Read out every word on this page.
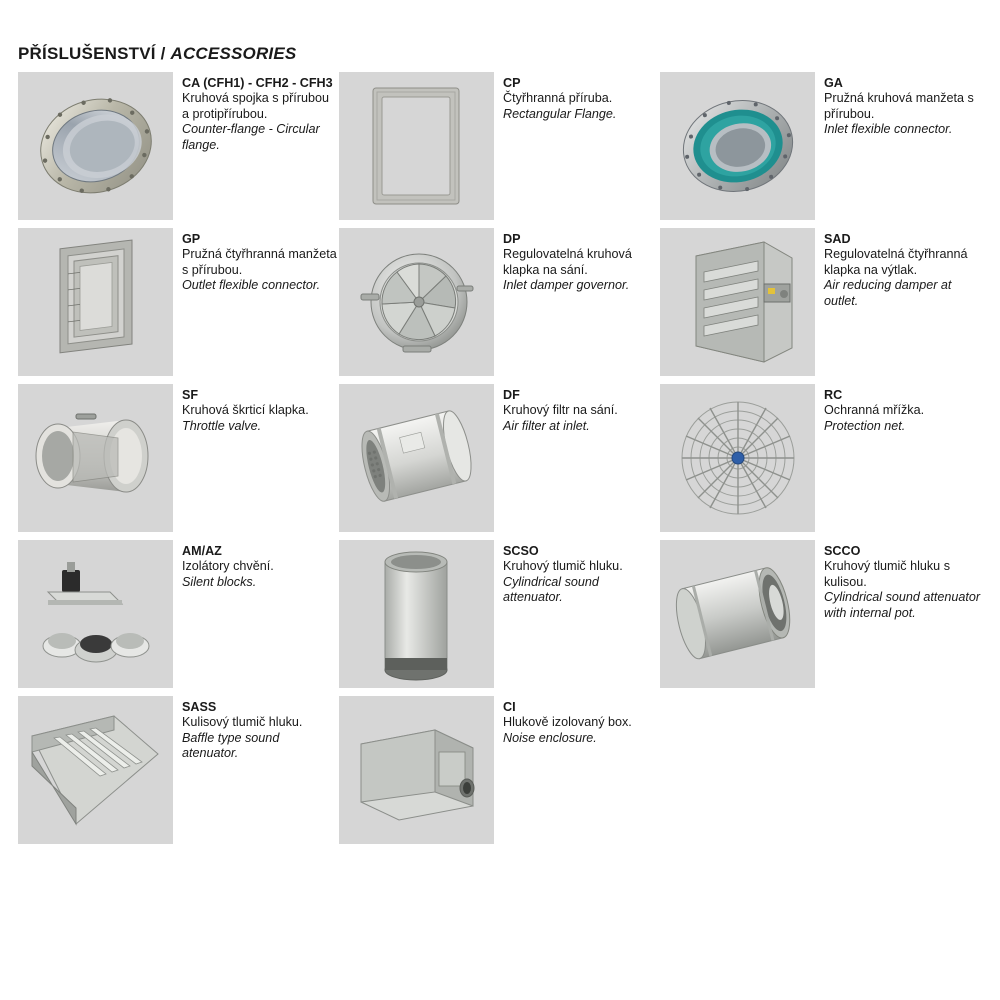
PŘÍSLUŠENSTVÍ / ACCESSORIES
CA (CFH1) - CFH2 - CFH3
Kruhová spojka s přírubou a protipřírubou.
Counter-flange - Circular flange.
CP
Čtyřhranná příruba.
Rectangular Flange.
GA
Pružná kruhová manžeta s přírubou.
Inlet flexible connector.
GP
Pružná čtyřhranná manžeta s přírubou.
Outlet flexible connector.
DP
Regulovatelná kruhová klapka na sání.
Inlet damper governor.
SAD
Regulovatelná čtyřhranná klapka na výtlak.
Air reducing damper at outlet.
SF
Kruhová škrticí klapka.
Throttle valve.
DF
Kruhový filtr na sání.
Air filter at inlet.
RC
Ochranná mřížka.
Protection net.
AM/AZ
Izolátory chvění.
Silent blocks.
SCSO
Kruhový tlumič hluku.
Cylindrical sound attenuator.
SCCO
Kruhový tlumič hluku s kulisou.
Cylindrical sound attenuator with internal pot.
SASS
Kulisový tlumič hluku.
Baffle type sound atenuator.
CI
Hlukově izolovaný box.
Noise enclosure.
